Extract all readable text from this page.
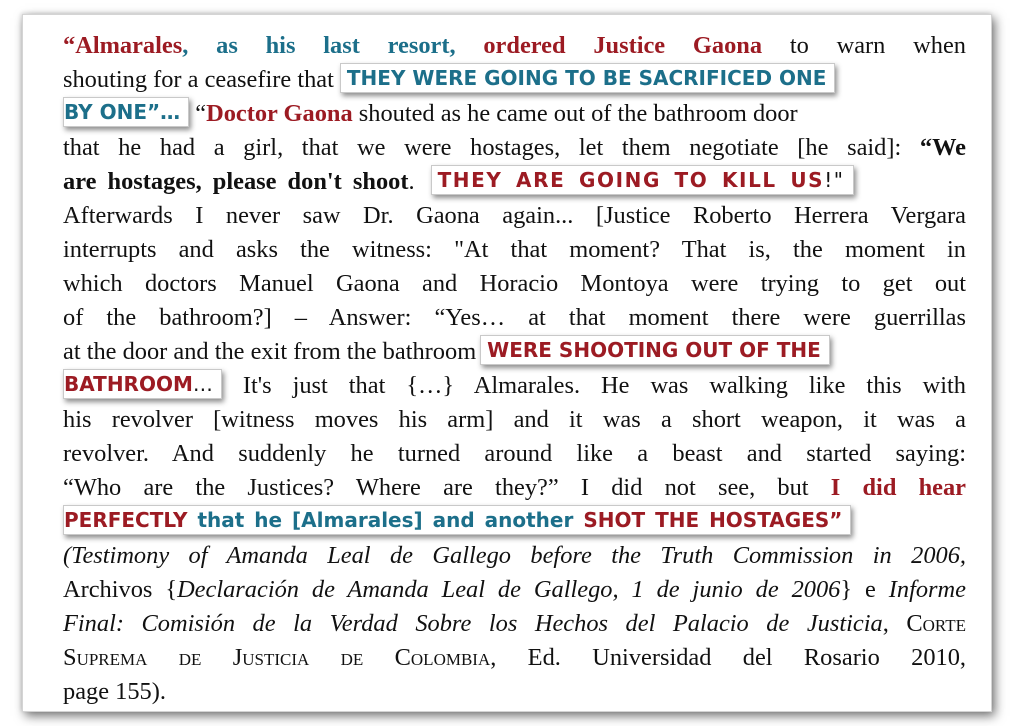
“Almarales, as his last resort, ordered Justice Gaona to warn when
shouting for a ceasefire that THEY WERE GOING TO BE SACRIFICED ONE
BY ONE”… “Doctor Gaona shouted as he came out of the bathroom door
that he had a girl, that we were hostages, let them negotiate [he said]: “We
are hostages, please don't shoot. THEY ARE GOING TO KILL US!"
Afterwards I never saw Dr. Gaona again... [Justice Roberto Herrera Vergara
interrupts and asks the witness: "At that moment? That is, the moment in
which doctors Manuel Gaona and Horacio Montoya were trying to get out
of the bathroom?] – Answer: “Yes… at that moment there were guerrillas
at the door and the exit from the bathroom WERE SHOOTING OUT OF THE
BATHROOM… It's just that {…} Almarales. He was walking like this with
his revolver [witness moves his arm] and it was a short weapon, it was a
revolver. And suddenly he turned around like a beast and started saying:
“Who are the Justices? Where are they?” I did not see, but I did hear
PERFECTLY that he [Almarales] and another SHOT THE HOSTAGES”
(Testimony of Amanda Leal de Gallego before the Truth Commission in 2006,
Archivos {Declaración de Amanda Leal de Gallego, 1 de junio de 2006} e Informe
Final: Comisión de la Verdad Sobre los Hechos del Palacio de Justicia, Corte
Suprema de Justicia de Colombia, Ed. Universidad del Rosario 2010,
page 155).
